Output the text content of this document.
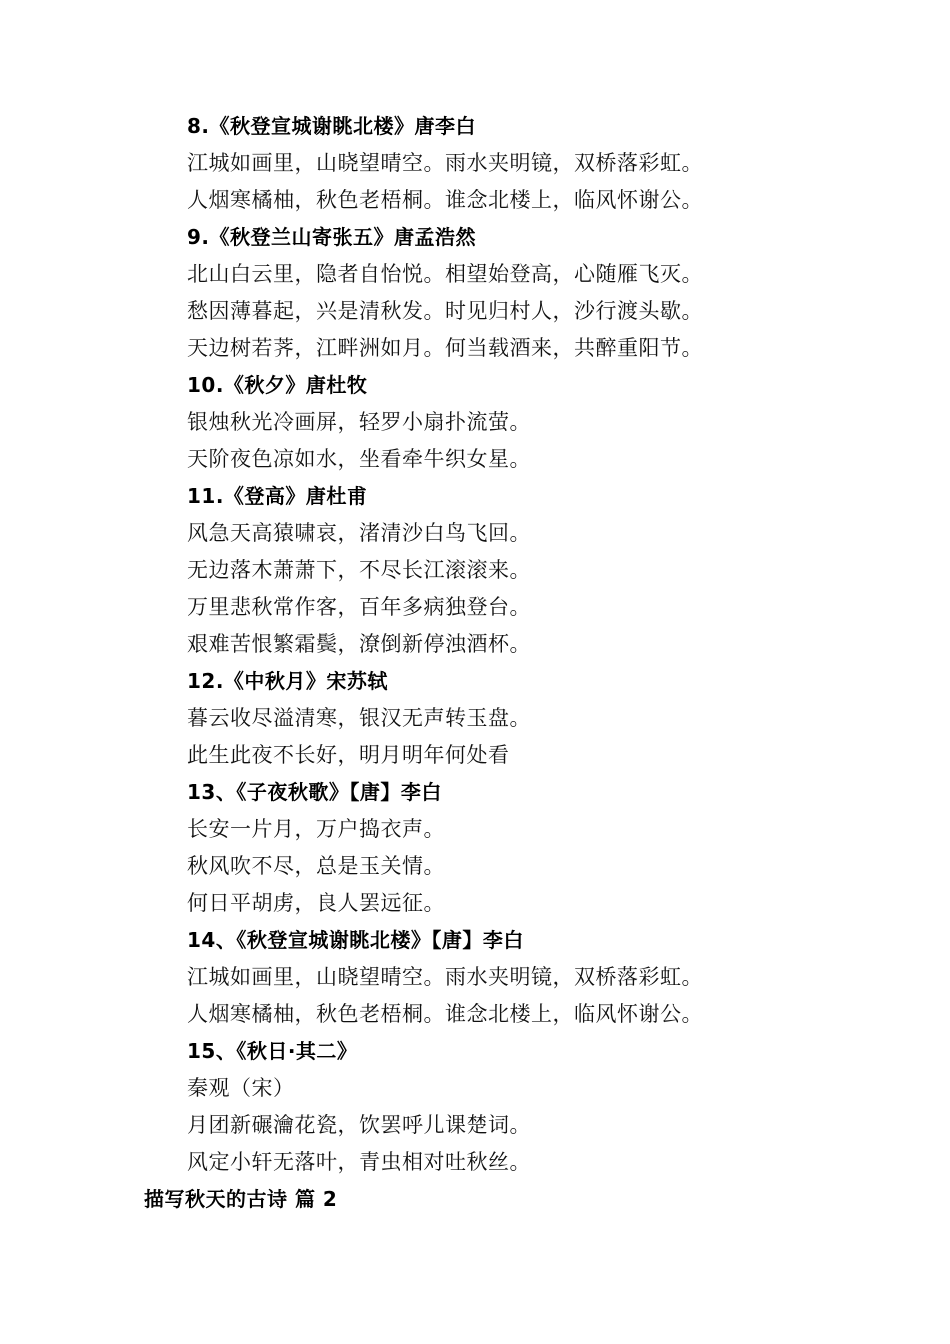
8.《秋登宣城谢眺北楼》唐李白
江城如画里，山晓望晴空。雨水夹明镜，双桥落彩虹。
人烟寒橘柚，秋色老梧桐。谁念北楼上，临风怀谢公。
9.《秋登兰山寄张五》唐孟浩然
北山白云里，隐者自怡悦。相望始登高，心随雁飞灭。
愁因薄暮起，兴是清秋发。时见归村人，沙行渡头歇。
天边树若荠，江畔洲如月。何当载酒来，共醉重阳节。
10.《秋夕》唐杜牧
银烛秋光冷画屏，轻罗小扇扑流萤。
天阶夜色凉如水，坐看牵牛织女星。
11.《登高》唐杜甫
风急天高猿啸哀，渚清沙白鸟飞回。
无边落木萧萧下，不尽长江滚滚来。
万里悲秋常作客，百年多病独登台。
艰难苦恨繁霜鬓，潦倒新停浊酒杯。
12.《中秋月》宋苏轼
暮云收尽溢清寒，银汉无声转玉盘。
此生此夜不长好，明月明年何处看
13、《子夜秋歌》【唐】李白
长安一片月，万户捣衣声。
秋风吹不尽，总是玉关情。
何日平胡虏，良人罢远征。
14、《秋登宣城谢眺北楼》【唐】李白
江城如画里，山晓望晴空。雨水夹明镜，双桥落彩虹。
人烟寒橘柚，秋色老梧桐。谁念北楼上，临风怀谢公。
15、《秋日·其二》
秦观（宋）
月团新碾瀹花瓷，饮罢呼儿课楚词。
风定小轩无落叶，青虫相对吐秋丝。
描写秋天的古诗 篇 2
